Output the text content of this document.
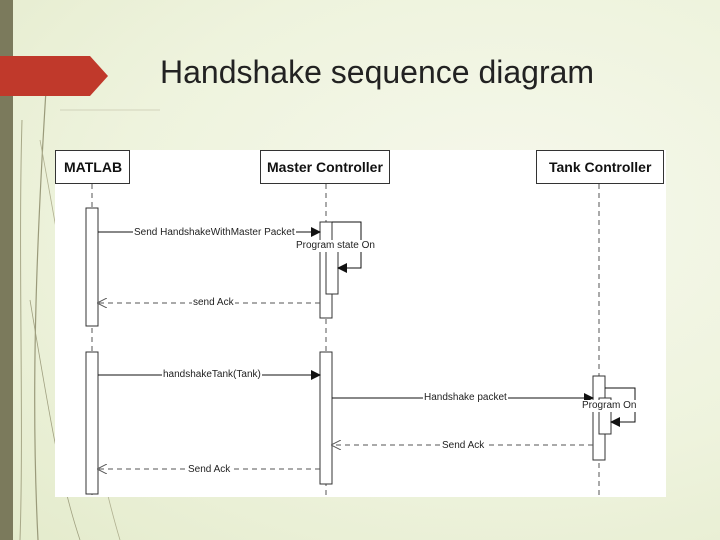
Handshake sequence diagram
MATLAB	Master Controller	Tank Controller
Send HandshakeWithMaster Packet
Program state On
send Ack
handshakeTank(Tank)
Handshake packet
Program On
Send Ack
Send Ack
